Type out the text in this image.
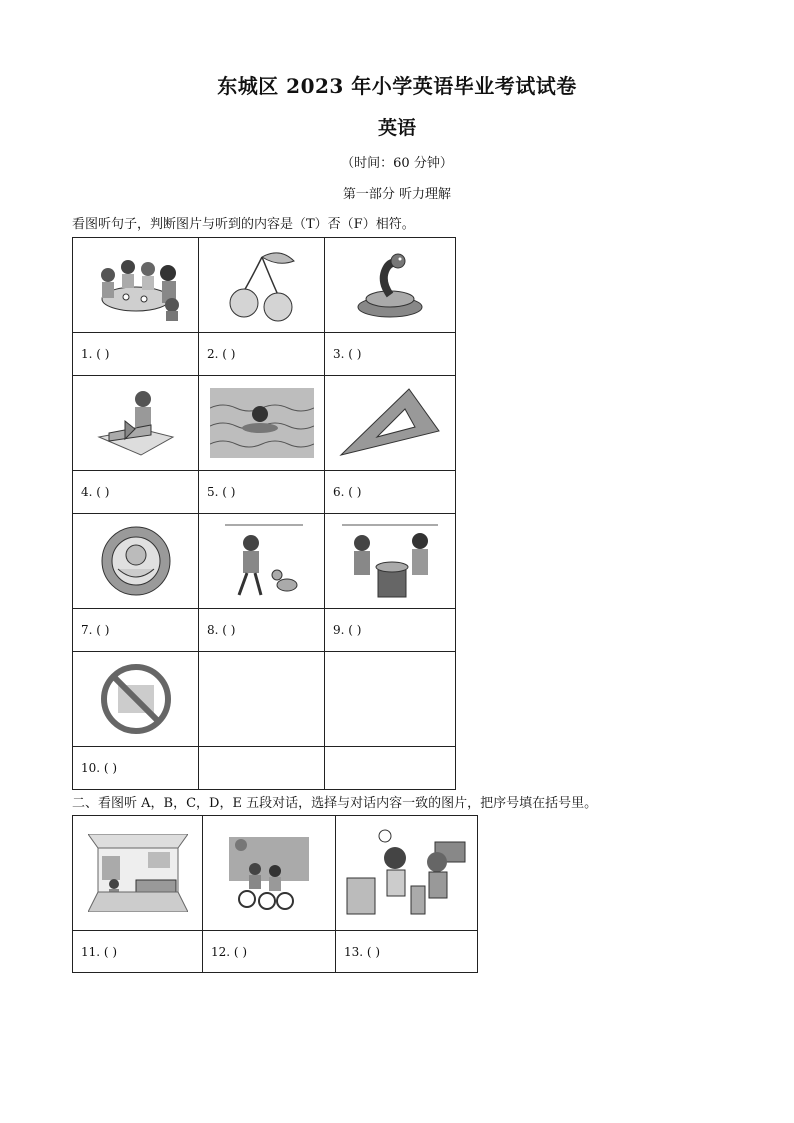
东城区 2023 年小学英语毕业考试试卷
英语
（时间：60 分钟）
第一部分 听力理解
看图听句子，判断图片与听到的内容是（T）否（F）相符。

1. ( )	2. ( )	3. ( )

4. ( )	5. ( )	6. ( )

7. ( )	8. ( )	9. ( )

10. ( )		
二、看图听 A，B，C，D，E 五段对话，选择与对话内容一致的图片，把序号填在括号里。

11. ( )	12. ( )	13. ( )
